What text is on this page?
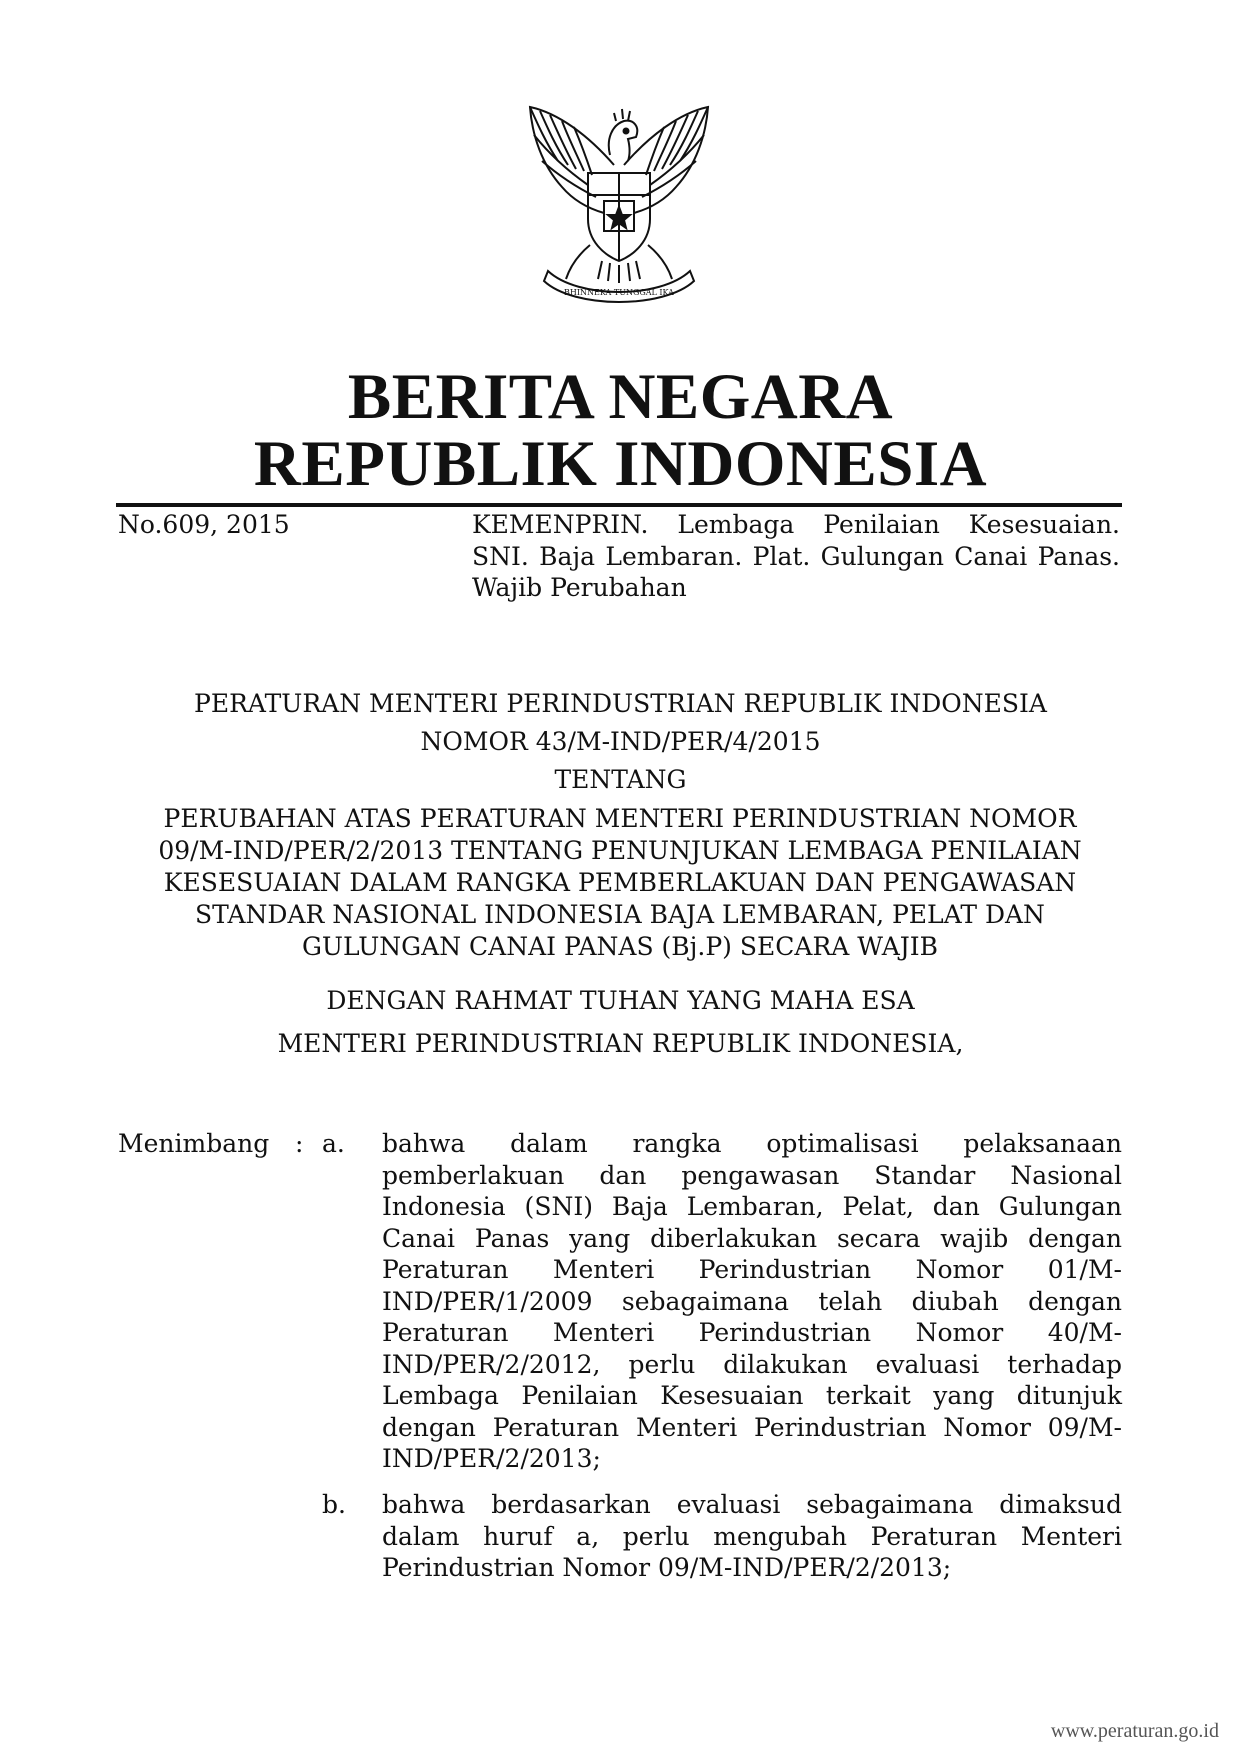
BHINNEKA TUNGGAL IKA
BERITA NEGARA
REPUBLIK INDONESIA
No.609, 2015	KEMENPRIN. Lembaga Penilaian Kesesuaian. SNI. Baja Lembaran. Plat. Gulungan Canai Panas. Wajib Perubahan
PERATURAN MENTERI PERINDUSTRIAN REPUBLIK INDONESIA
NOMOR 43/M-IND/PER/4/2015
TENTANG
PERUBAHAN ATAS PERATURAN MENTERI PERINDUSTRIAN NOMOR 09/M-IND/PER/2/2013 TENTANG PENUNJUKAN LEMBAGA PENILAIAN KESESUAIAN DALAM RANGKA PEMBERLAKUAN DAN PENGAWASAN STANDAR NASIONAL INDONESIA BAJA LEMBARAN, PELAT DAN GULUNGAN CANAI PANAS (Bj.P) SECARA WAJIB
DENGAN RAHMAT TUHAN YANG MAHA ESA
MENTERI PERINDUSTRIAN REPUBLIK INDONESIA,
Menimbang : a. bahwa dalam rangka optimalisasi pelaksanaan pemberlakuan dan pengawasan Standar Nasional Indonesia (SNI) Baja Lembaran, Pelat, dan Gulungan Canai Panas yang diberlakukan secara wajib dengan Peraturan Menteri Perindustrian Nomor 01/M-IND/PER/1/2009 sebagaimana telah diubah dengan Peraturan Menteri Perindustrian Nomor 40/M-IND/PER/2/2012, perlu dilakukan evaluasi terhadap Lembaga Penilaian Kesesuaian terkait yang ditunjuk dengan Peraturan Menteri Perindustrian Nomor 09/M-IND/PER/2/2013;
b. bahwa berdasarkan evaluasi sebagaimana dimaksud dalam huruf a, perlu mengubah Peraturan Menteri Perindustrian Nomor 09/M-IND/PER/2/2013;
www.peraturan.go.id
